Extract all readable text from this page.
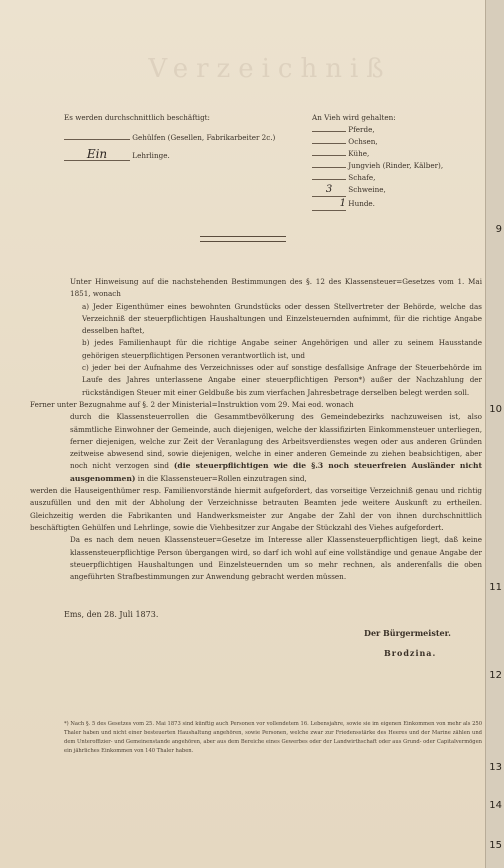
Verzeichniß
Es werden durchschnittlich beschäftigt:
Gehülfen (Gesellen, Fabrikarbeiter 2c.)
Ein	Lehrlinge.
An Vieh wird gehalten:
Pferde,
Ochsen,
Kühe,
Jungvieh (Rinder, Kälber),
Schafe,
3 Schweine,
1 Hunde.

Unter Hinweisung auf die nachstehenden Bestimmungen des §. 12 des Klassensteuer=Gesetzes vom 1. Mai 1851, wonach

a) Jeder Eigenthümer eines bewohnten Grundstücks oder dessen Stellvertreter der Behörde, welche das Verzeichniß der steuerpflichtigen Haushaltungen und Einzelsteuernden aufnimmt, für die richtige Angabe desselben haftet,

b) jedes Familienhaupt für die richtige Angabe seiner Angehörigen und aller zu seinem Hausstande gehörigen steuerpflichtigen Personen verantwortlich ist, und

c) jeder bei der Aufnahme des Verzeichnisses oder auf sonstige desfallsige Anfrage der Steuerbehörde im Laufe des Jahres unterlassene Angabe einer steuerpflichtigen Person*) außer der Nachzahlung der rückständigen Steuer mit einer Geldbuße bis zum vierfachen Jahresbetrage derselben belegt werden soll.

Ferner unter Bezugnahme auf §. 2 der Ministerial=Instruktion vom 29. Mai eod. wonach

durch die Klassensteuerrollen die Gesammtbevölkerung des Gemeindebezirks nachzuweisen ist, also sämmtliche Einwohner der Gemeinde, auch diejenigen, welche der klassifizirten Einkommensteuer unterliegen, ferner diejenigen, welche zur Zeit der Veranlagung des Arbeitsverdienstes wegen oder aus anderen Gründen zeitweise abwesend sind, sowie diejenigen, welche in einer anderen Gemeinde zu ziehen beabsichtigen, aber noch nicht verzogen sind (die steuerpflichtigen wie die §.3 noch steuerfreien Ausländer nicht ausgenommen) in die Klassensteuer=Rollen einzutragen sind,

werden die Hauseigenthümer resp. Familienvorstände hiermit aufgefordert, das vorseitige Verzeichniß genau und richtig auszufüllen und den mit der Abholung der Verzeichnisse betrauten Beamten jede weitere Auskunft zu ertheilen. Gleichzeitig werden die Fabrikanten und Handwerksmeister zur Angabe der Zahl der von ihnen durchschnittlich beschäftigten Gehülfen und Lehrlinge, sowie die Viehbesitzer zur Angabe der Stückzahl des Viehes aufgefordert.

Da es nach dem neuen Klassensteuer=Gesetze im Interesse aller Klassensteuerpflichtigen liegt, daß keine klassensteuerpflichtige Person übergangen wird, so darf ich wohl auf eine vollständige und genaue Angabe der steuerpflichtigen Haushaltungen und Einzelsteuernden um so mehr rechnen, als anderenfalls die oben angeführten Strafbestimmungen zur Anwendung gebracht werden müssen.

Ems, den 28. Juli 1873.
Der Bürgermeister.
Brodzina.
*) Nach §. 5 des Gesetzes vom 25. Mai 1873 sind künftig auch Personen vor vollendetem 16. Lebensjahre, sowie sie im eigenen Einkommen von mehr als 250 Thaler haben und nicht einer besteuerten Haushaltung angehören, sowie Personen, welche zwar zur Friedensstärke des Heeres und der Marine zählen und dem Unteroffizier- und Gemeinenstande angehören, aber aus dem Bereiche eines Gewerbes oder der Landwirthschaft oder aus Grund- oder Capitalvermögen ein jährliches Einkommen von 140 Thaler haben.
9
10
11
12
13
14
15
